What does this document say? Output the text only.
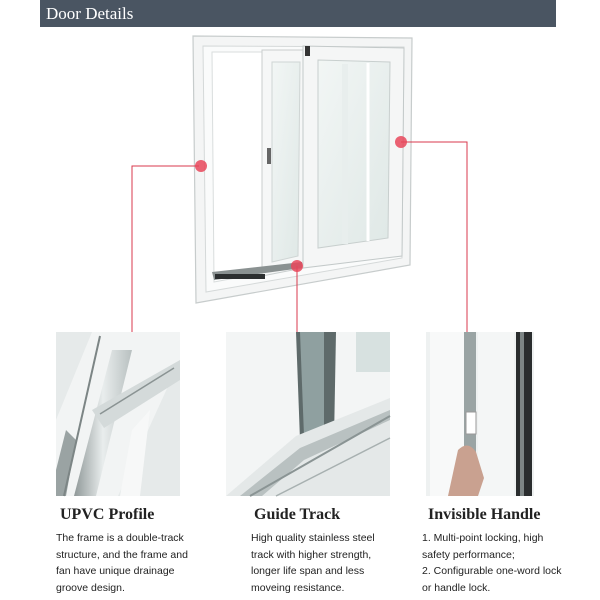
Door Details
UPVC Profile
The frame is a double-track
structure, and the frame and
fan have unique drainage
groove design.
Guide Track
High quality stainless steel
track with higher strength,
longer life span and less
moveing resistance.
Invisible Handle
1. Multi-point locking, high
safety performance;
2. Configurable one-word lock
or handle lock.
